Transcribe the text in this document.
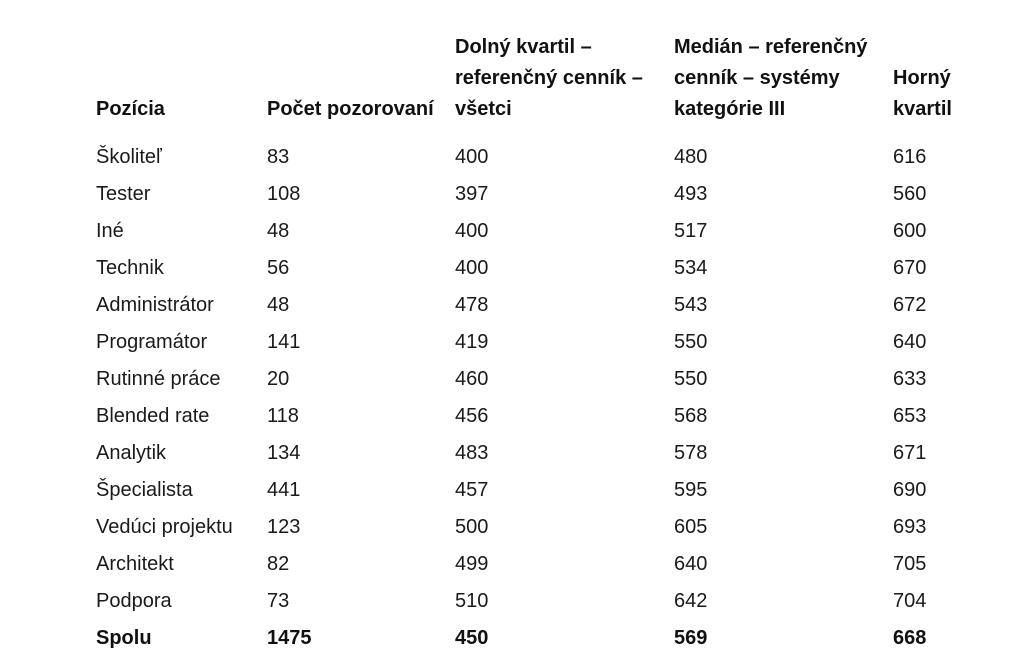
Pozícia	Počet pozorovaní	Dolný kvartil – referenčný cenník – všetci	Medián – referenčný cenník – systémy kategórie III	Horný kvartil
Školiteľ	83	400	480	616
Tester	108	397	493	560
Iné	48	400	517	600
Technik	56	400	534	670
Administrátor	48	478	543	672
Programátor	141	419	550	640
Rutinné práce	20	460	550	633
Blended rate	118	456	568	653
Analytik	134	483	578	671
Špecialista	441	457	595	690
Vedúci projektu	123	500	605	693
Architekt	82	499	640	705
Podpora	73	510	642	704
Spolu	1475	450	569	668
